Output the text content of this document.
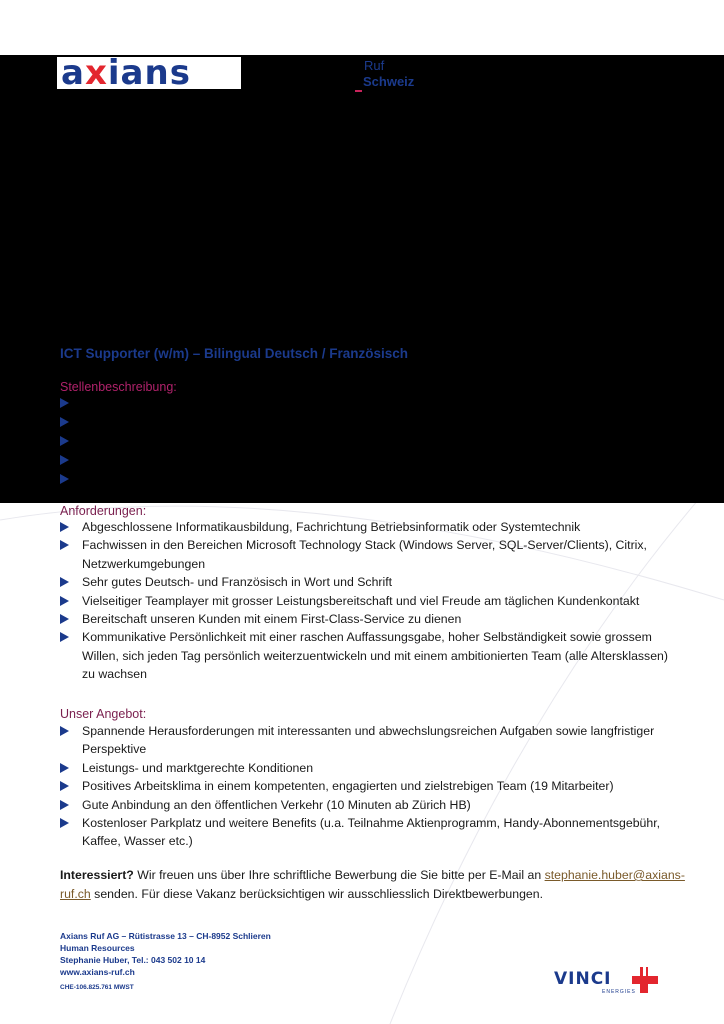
axians	Ruf
Schweiz
ICT Supporter (w/m) – Bilingual Deutsch / Französisch
Stellenbeschreibung:
Anforderungen:
Abgeschlossene Informatikausbildung, Fachrichtung Betriebsinformatik oder Systemtechnik
Fachwissen in den Bereichen Microsoft Technology Stack (Windows Server, SQL-Server/Clients), Citrix, Netzwerkumgebungen
Sehr gutes Deutsch- und Französisch in Wort und Schrift
Vielseitiger Teamplayer mit grosser Leistungsbereitschaft und viel Freude am täglichen Kundenkontakt
Bereitschaft unseren Kunden mit einem First-Class-Service zu dienen
Kommunikative Persönlichkeit mit einer raschen Auffassungsgabe, hoher Selbständigkeit sowie grossem Willen, sich jeden Tag persönlich weiterzuentwickeln und mit einem ambitionierten Team (alle Altersklassen) zu wachsen
Unser Angebot:
Spannende Herausforderungen mit interessanten und abwechslungsreichen Aufgaben sowie langfristiger Perspektive
Leistungs- und marktgerechte Konditionen
Positives Arbeitsklima in einem kompetenten, engagierten und zielstrebigen Team (19 Mitarbeiter)
Gute Anbindung an den öffentlichen Verkehr (10 Minuten ab Zürich HB)
Kostenloser Parkplatz und weitere Benefits (u.a. Teilnahme Aktienprogramm, Handy-Abonnementsgebühr, Kaffee, Wasser etc.)
Interessiert? Wir freuen uns über Ihre schriftliche Bewerbung die Sie bitte per E-Mail an stephanie.huber@axians-ruf.ch senden. Für diese Vakanz berücksichtigen wir ausschliesslich Direktbewerbungen.
Axians Ruf AG – Rütistrasse 13 – CH-8952 Schlieren
Human Resources
Stephanie Huber, Tel.: 043 502 10 14
www.axians-ruf.ch
CHE-106.825.761 MWST	VINCI
ENERGIES
